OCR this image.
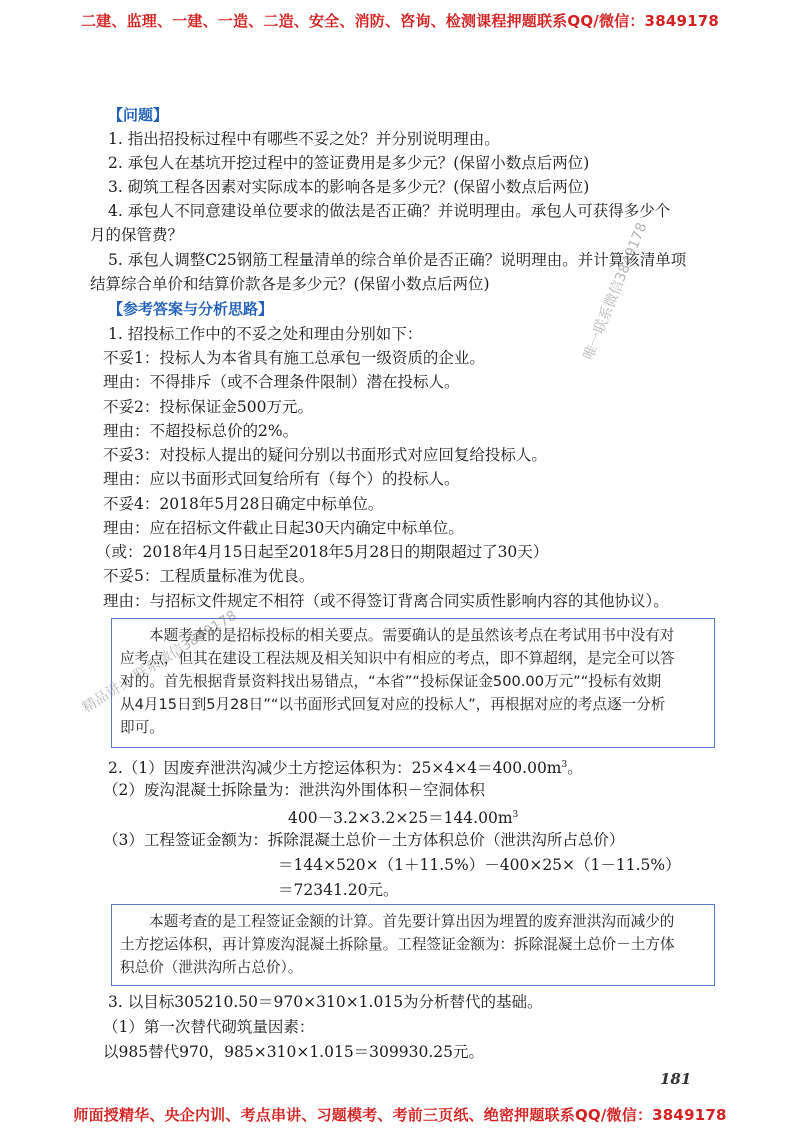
二建、监理、一建、一造、二造、安全、消防、咨询、检测课程押题联系QQ/微信：3849178
【问题】
1. 指出招投标过程中有哪些不妥之处？并分别说明理由。
2. 承包人在基坑开挖过程中的签证费用是多少元？(保留小数点后两位)
3. 砌筑工程各因素对实际成本的影响各是多少元？(保留小数点后两位)
4. 承包人不同意建设单位要求的做法是否正确？并说明理由。承包人可获得多少个
月的保管费？
5. 承包人调整C25钢筋工程量清单的综合单价是否正确？说明理由。并计算该清单项
结算综合单价和结算价款各是多少元？(保留小数点后两位)
【参考答案与分析思路】
1. 招投标工作中的不妥之处和理由分别如下：
不妥1：投标人为本省具有施工总承包一级资质的企业。
理由：不得排斥（或不合理条件限制）潜在投标人。
不妥2：投标保证金500万元。
理由：不超投标总价的2%。
不妥3：对投标人提出的疑问分别以书面形式对应回复给投标人。
理由：应以书面形式回复给所有（每个）的投标人。
不妥4：2018年5月28日确定中标单位。
理由：应在招标文件截止日起30天内确定中标单位。
（或：2018年4月15日起至2018年5月28日的期限超过了30天）
不妥5：工程质量标准为优良。
理由：与招标文件规定不相符（或不得签订背离合同实质性影响内容的其他协议）。
本题考查的是招标投标的相关要点。需要确认的是虽然该考点在考试用书中没有对
应考点，但其在建设工程法规及相关知识中有相应的考点，即不算超纲，是完全可以答
对的。首先根据背景资料找出易错点，“本省”“投标保证金500.00万元”“投标有效期
从4月15日到5月28日”“以书面形式回复对应的投标人”，再根据对应的考点逐一分析
即可。
2.（1）因废弃泄洪沟减少土方挖运体积为：$25\times 4\times 4=400.00m^3$。
（2）废沟混凝土拆除量为：泄洪沟外围体积－空洞体积
$400-3.2\times 3.2\times 25=144.00m^3$
（3）工程签证金额为：拆除混凝土总价－土方体积总价（泄洪沟所占总价）
＝144×520×（1＋11.5%）－400×25×（1－11.5%）
＝72341.20元。
本题考查的是工程签证金额的计算。首先要计算出因为埋置的废弃泄洪沟而减少的
土方挖运体积，再计算废沟混凝土拆除量。工程签证金额为：拆除混凝土总价－土方体
积总价（泄洪沟所占总价）。
3. 以目标305210.50＝970×310×1.015为分析替代的基础。
（1）第一次替代砌筑量因素：
以985替代970，985×310×1.015＝309930.25元。
181
唯一联系微信3849178
精品讲义 联系微信3849178
师面授精华、央企内训、考点串讲、习题模考、考前三页纸、绝密押题联系QQ/微信：3849178
